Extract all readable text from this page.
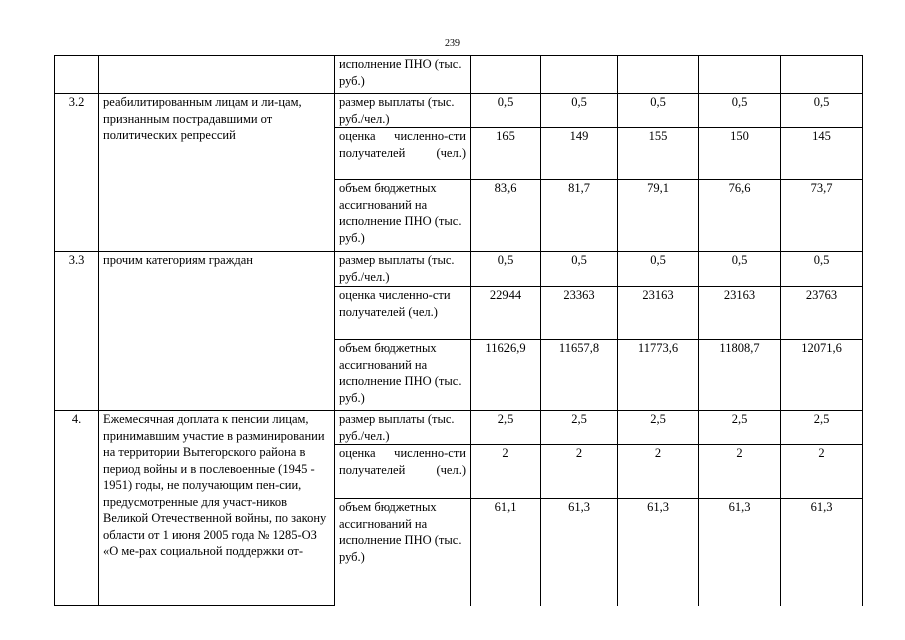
239
		исполнение ПНО (тыс. руб.)					
3.2	реабилитированным лицам и ли-цам, признанным пострадавшими от политических репрессий	размер выплаты (тыс. руб./чел.)	0,5	0,5	0,5	0,5	0,5
		оценка численно-сти получателей (чел.)	165	149	155	150	145
		объем бюджетных ассигнований на исполнение ПНО (тыс. руб.)	83,6	81,7	79,1	76,6	73,7
3.3	прочим категориям граждан	размер выплаты (тыс. руб./чел.)	0,5	0,5	0,5	0,5	0,5
		оценка численно-сти получателей (чел.)	22944	23363	23163	23163	23763
		объем бюджетных ассигнований на исполнение ПНО (тыс. руб.)	11626,9	11657,8	11773,6	11808,7	12071,6
4.	Ежемесячная доплата к пенсии лицам, принимавшим участие в разминировании на территории Вытегорского района в период войны и в послевоенные (1945 - 1951) годы, не получающим пен-сии, предусмотренные для участ-ников Великой Отечественной войны, по закону области от 1 июня 2005 года № 1285-ОЗ «О ме-рах социальной поддержки от-	размер выплаты (тыс. руб./чел.)	2,5	2,5	2,5	2,5	2,5
		оценка численно-сти получателей (чел.)	2	2	2	2	2
		объем бюджетных ассигнований на исполнение ПНО (тыс. руб.)	61,1	61,3	61,3	61,3	61,3
